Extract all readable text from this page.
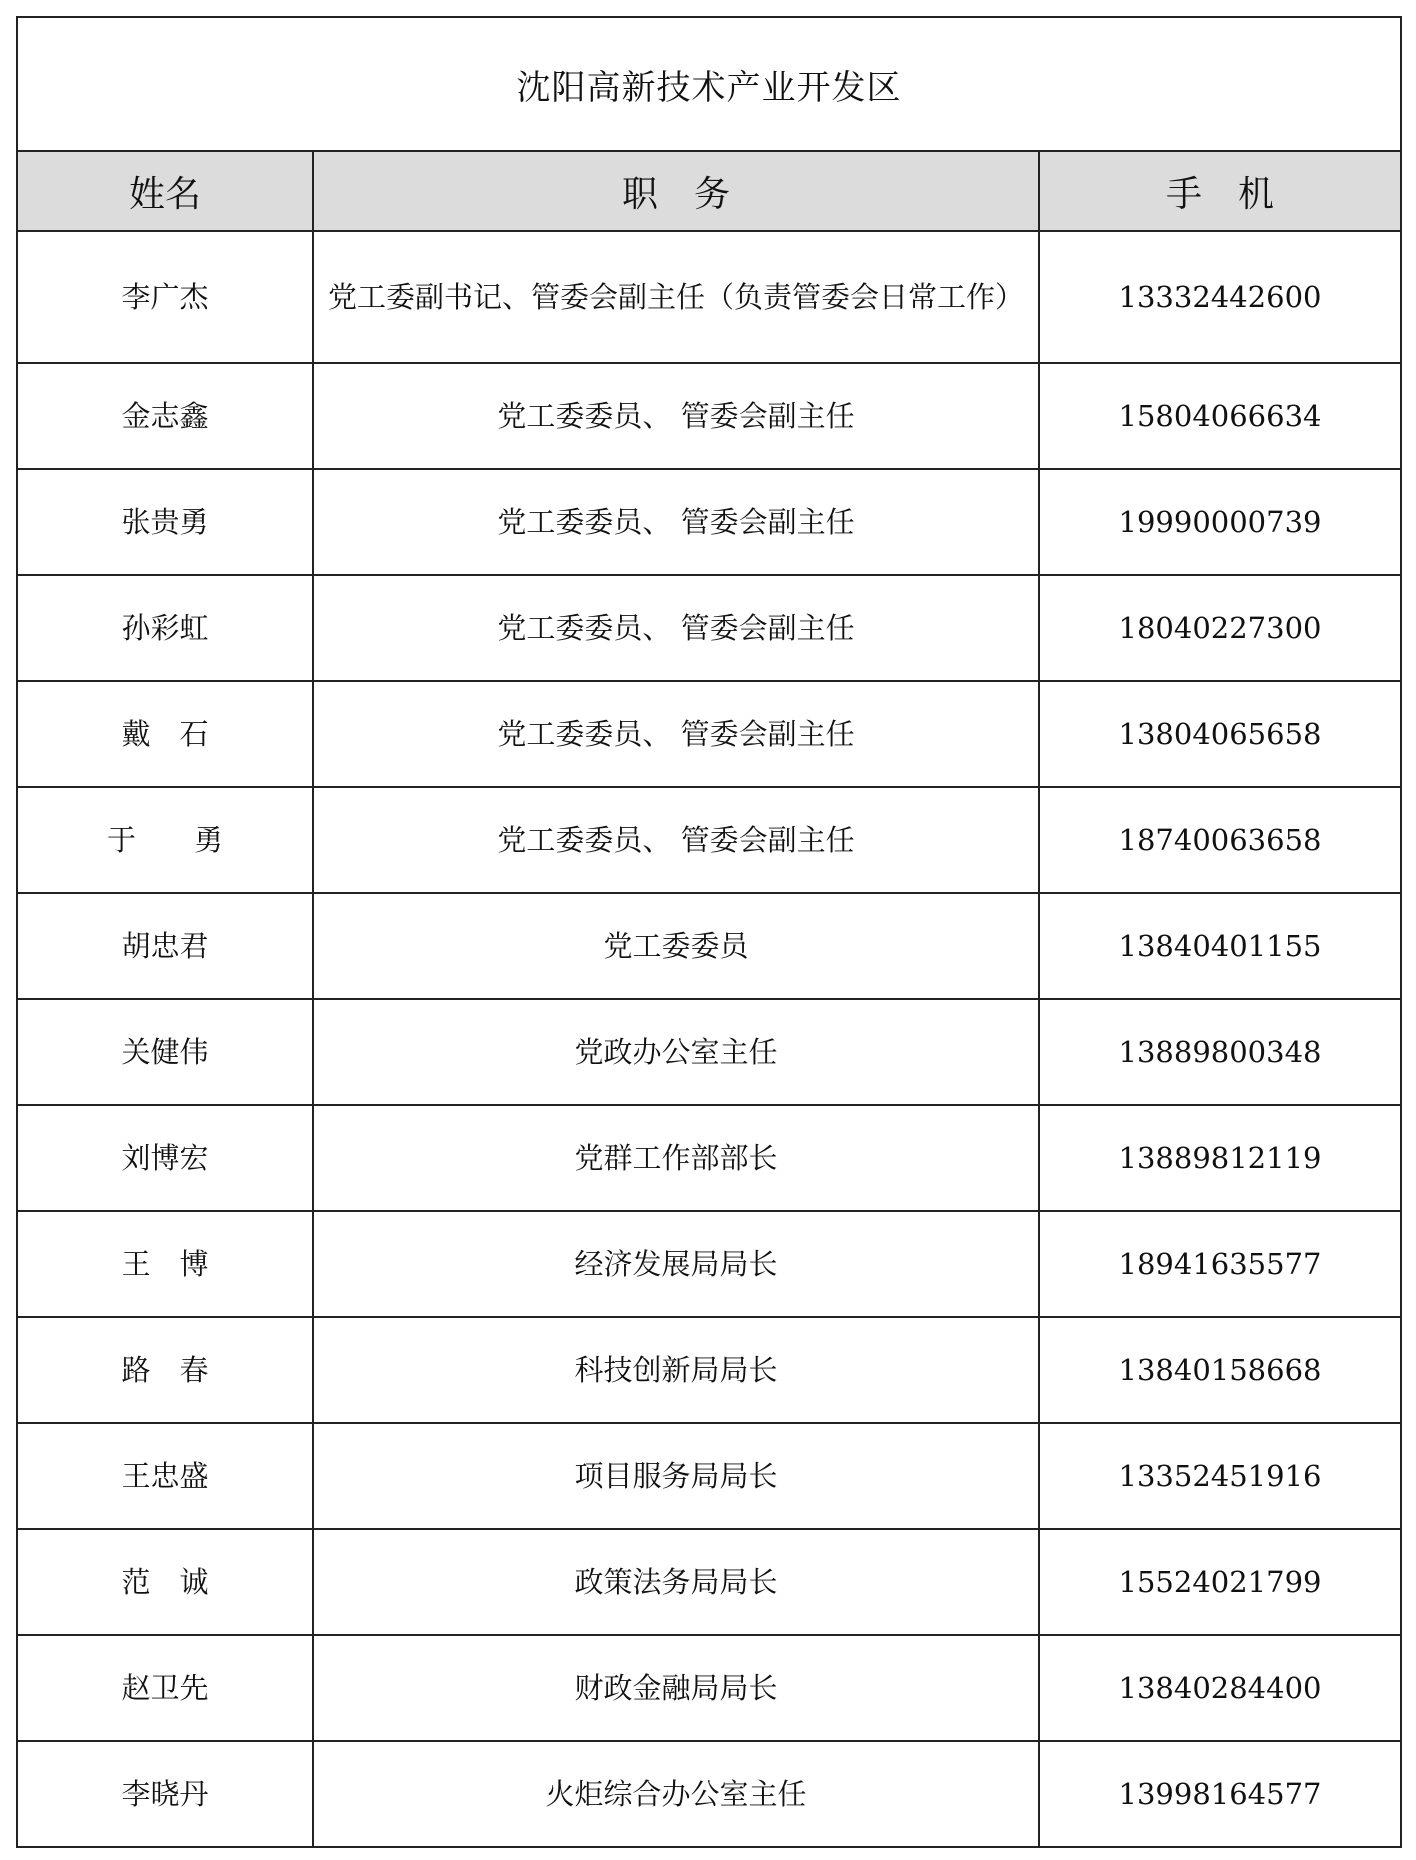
沈阳高新技术产业开发区		
姓名	职　务	手　机
李广杰	党工委副书记、管委会副主任（负责管委会日常工作）	13332442600
金志鑫	党工委委员、 管委会副主任	15804066634
张贵勇	党工委委员、 管委会副主任	19990000739
孙彩虹	党工委委员、 管委会副主任	18040227300
戴　石	党工委委员、 管委会副主任	13804065658
于　　勇	党工委委员、 管委会副主任	18740063658
胡忠君	党工委委员	13840401155
关健伟	党政办公室主任	13889800348
刘博宏	党群工作部部长	13889812119
王　博	经济发展局局长	18941635577
路　春	科技创新局局长	13840158668
王忠盛	项目服务局局长	13352451916
范　诚	政策法务局局长	15524021799
赵卫先	财政金融局局长	13840284400
李晓丹	火炬综合办公室主任	13998164577
